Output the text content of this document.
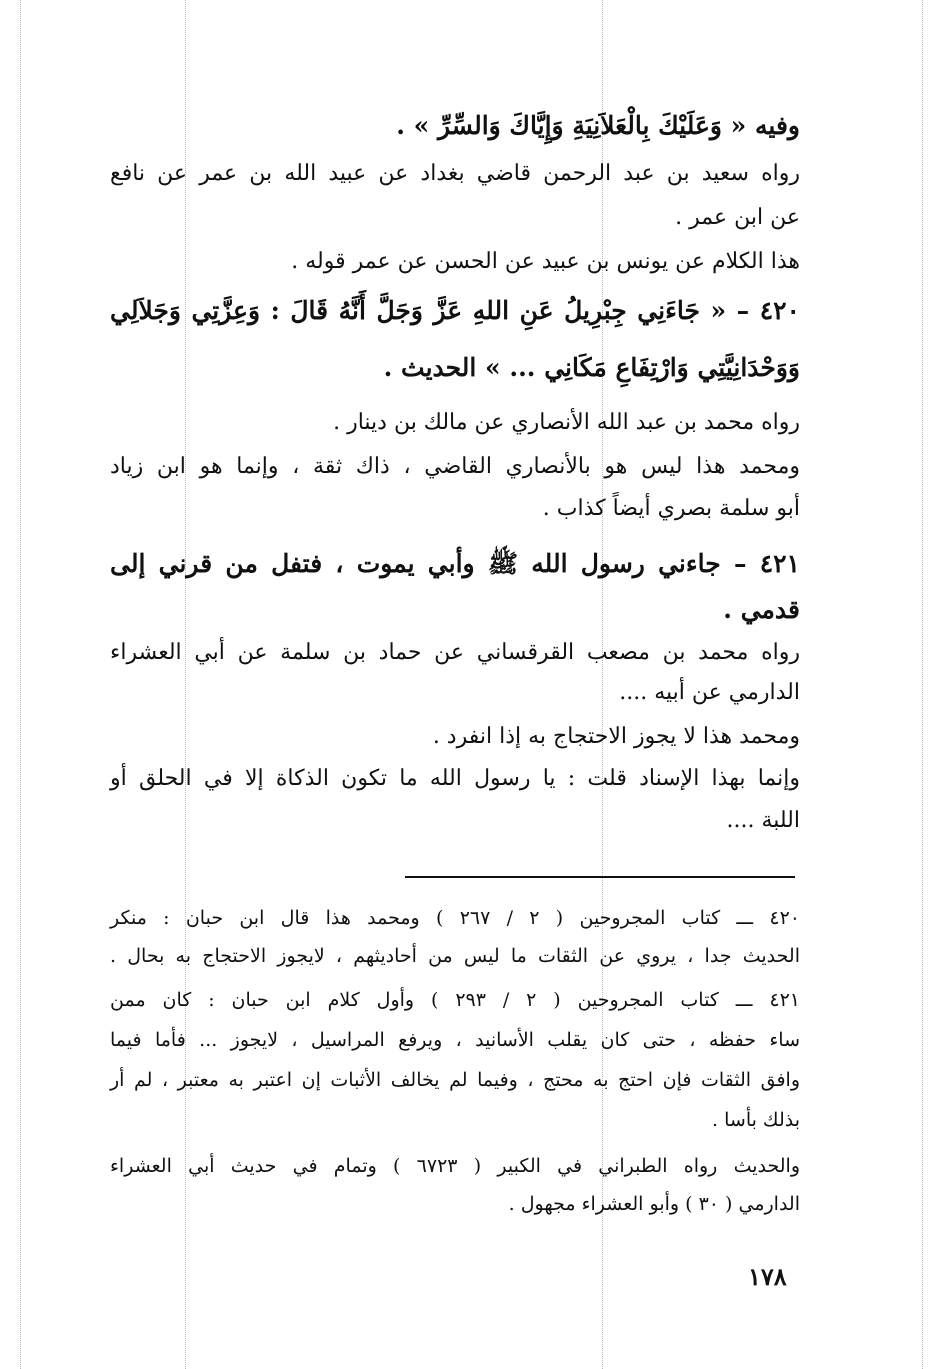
وفيه « وَعَلَيْكَ بِالْعَلاَنِيَةِ وَإِيَّاكَ وَالسِّرِّ » .
رواه سعيد بن عبد الرحمن قاضي بغداد عن عبيد الله بن عمر عن نافع
عن ابن عمر .
هذا الكلام عن يونس بن عبيد عن الحسن عن عمر قوله .
٤٢٠ – « جَاءَنِي جِبْرِيلُ عَنِ اللهِ عَزَّ وَجَلَّ أَنَّهُ قَالَ : وَعِزَّتِي وَجَلاَلِي
وَوَحْدَانِيَّتِي وَارْتِفَاعِ مَكَانِي ... » الحديث .
رواه محمد بن عبد الله الأنصاري عن مالك بن دينار .
ومحمد هذا ليس هو بالأنصاري القاضي ، ذاك ثقة ، وإنما هو ابن زياد
أبو سلمة بصري أيضاً كذاب .
٤٢١ – جاءني رسول الله ﷺ وأبي يموت ، فتفل من قرني إلى
قدمي .
رواه محمد بن مصعب القرقساني عن حماد بن سلمة عن أبي العشراء
الدارمي عن أبيه ....
ومحمد هذا لا يجوز الاحتجاج به إذا انفرد .
وإنما بهذا الإسناد قلت : يا رسول الله ما تكون الذكاة إلا في الحلق أو
اللبة ....
٤٢٠ ـــ كتاب المجروحين ( ٢ / ٢٦٧ ) ومحمد هذا قال ابن حبان : منكر
الحديث جدا ، يروي عن الثقات ما ليس من أحاديثهم ، لايجوز الاحتجاج به بحال .
٤٢١ ـــ كتاب المجروحين ( ٢ / ٢٩٣ ) وأول كلام ابن حبان : كان ممن
ساء حفظه ، حتى كان يقلب الأسانيد ، ويرفع المراسيل ، لايجوز ... فأما فيما
وافق الثقات فإن احتج به محتج ، وفيما لم يخالف الأثبات إن اعتبر به معتبر ، لم أر
بذلك بأسا .
والحديث رواه الطبراني في الكبير ( ٦٧٢٣ ) وتمام في حديث أبي العشراء
الدارمي ( ٣٠ ) وأبو العشراء مجهول .
١٧٨
